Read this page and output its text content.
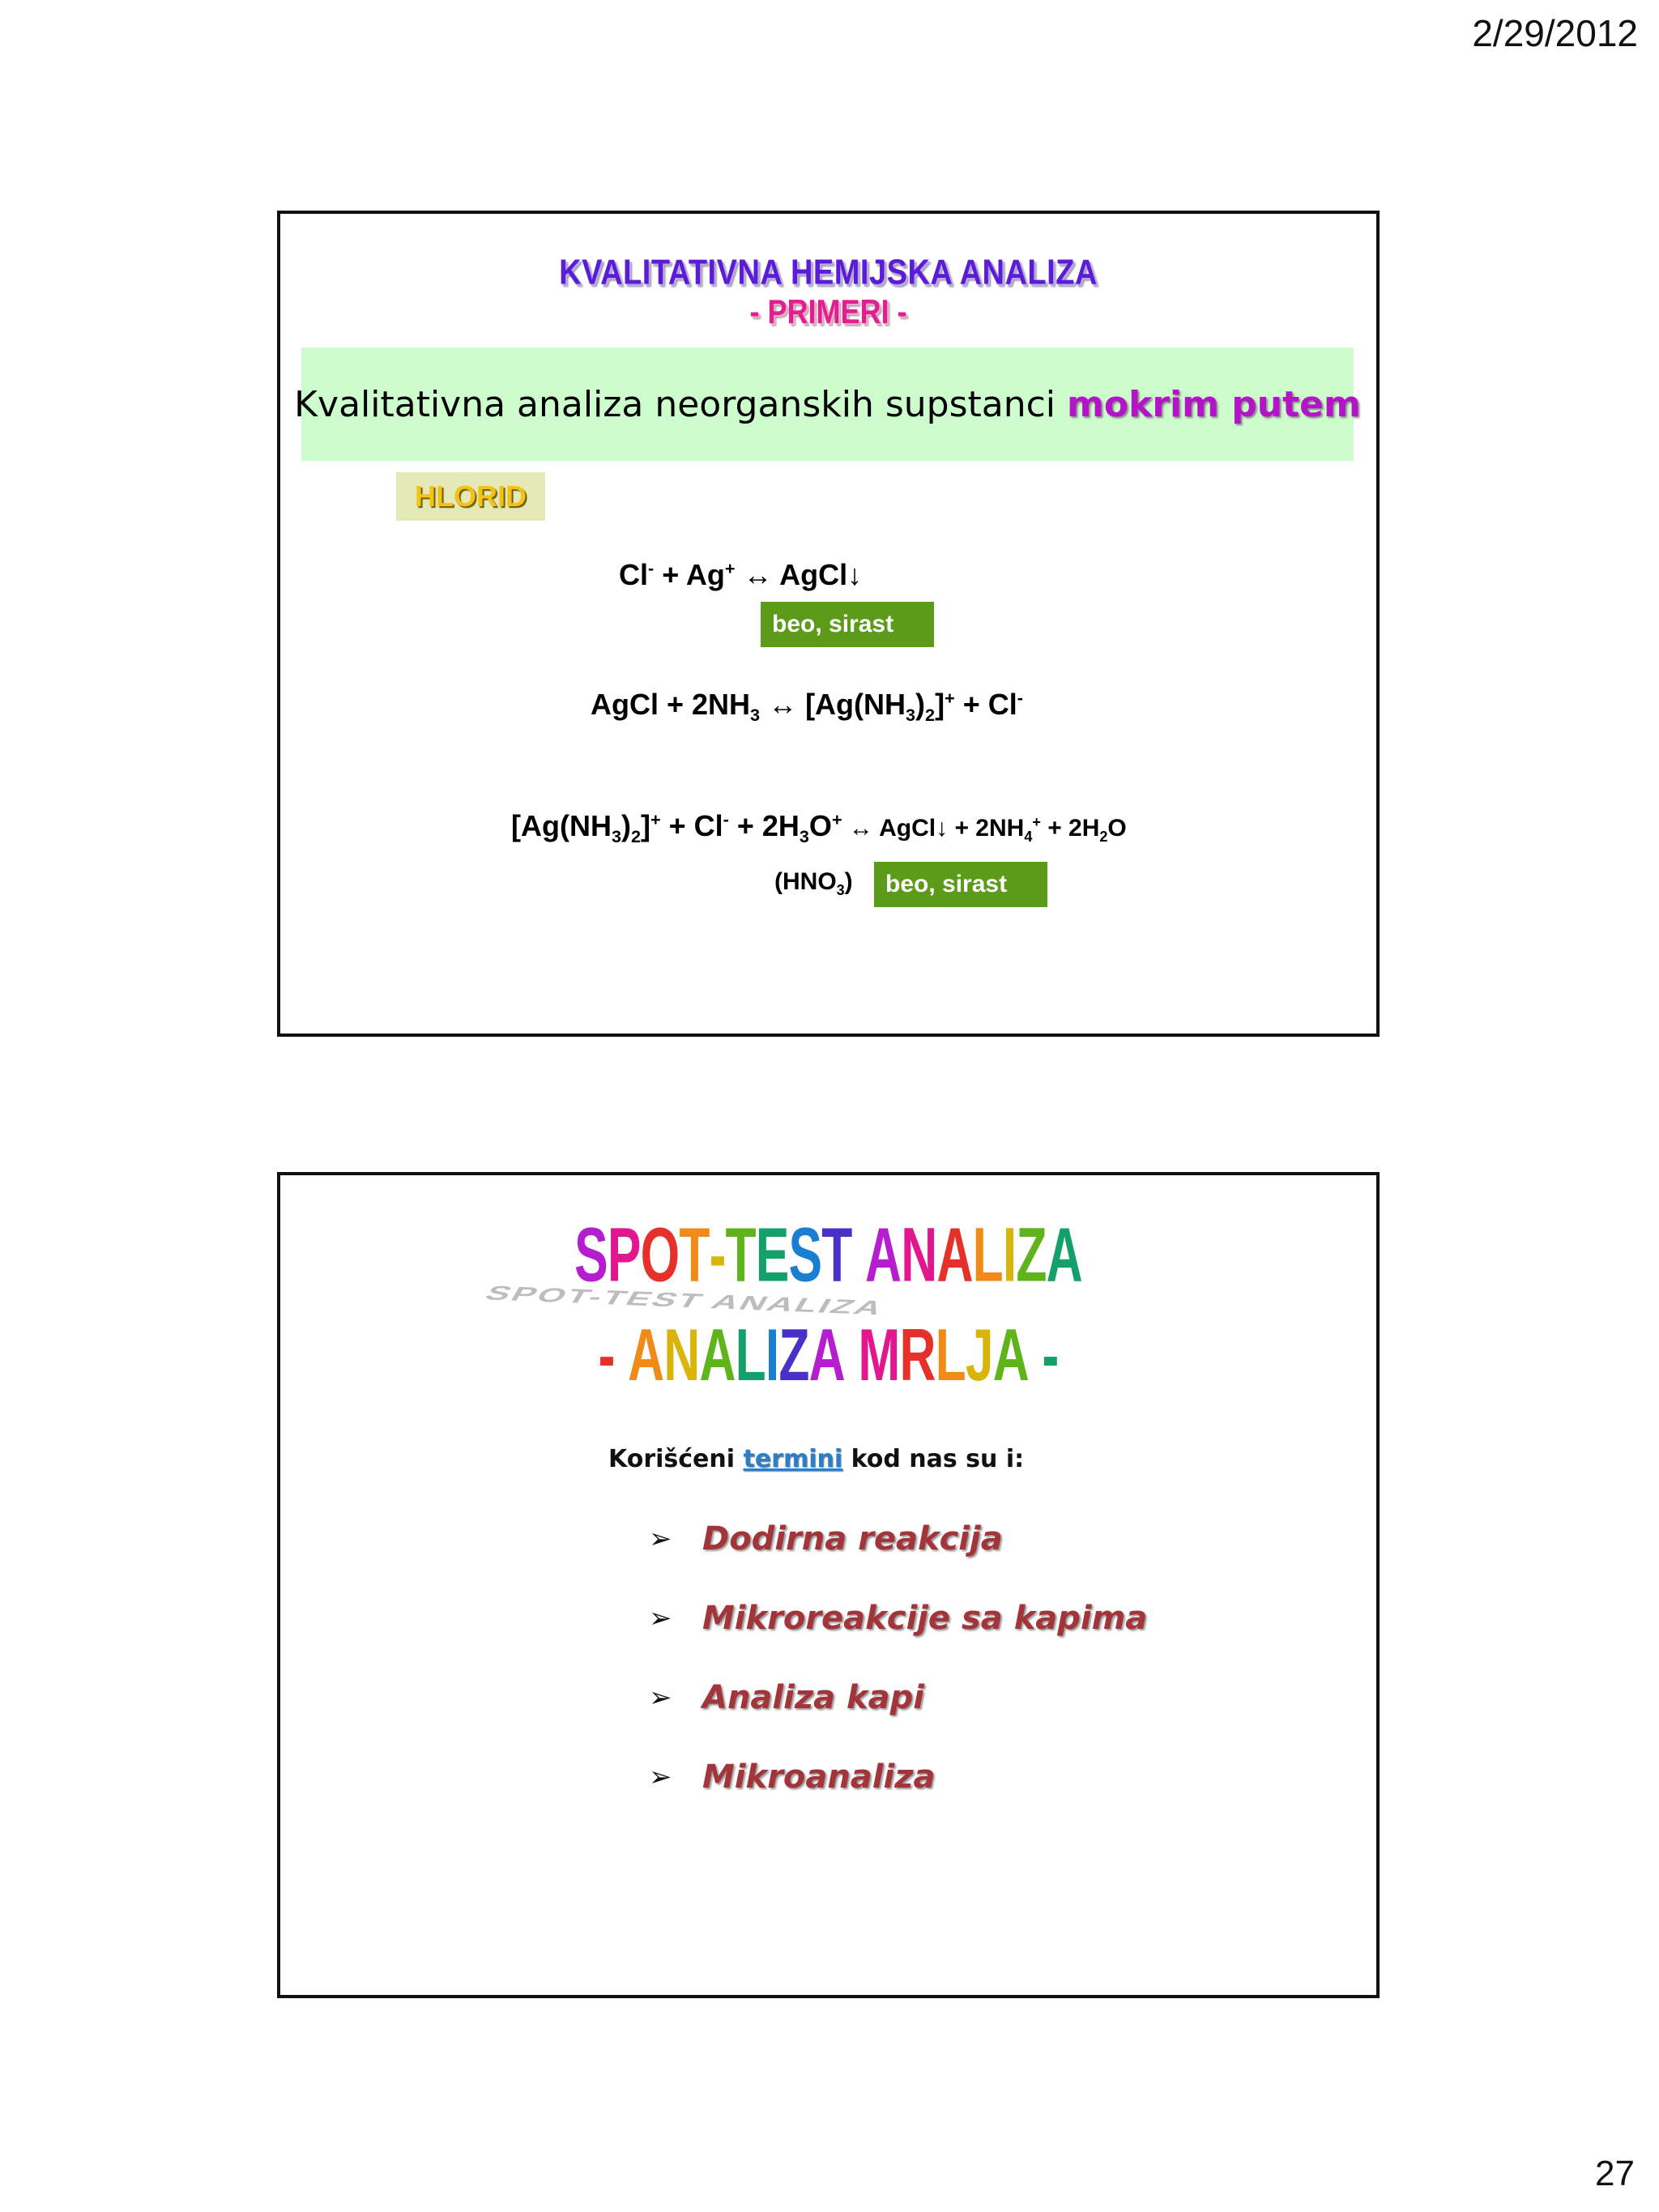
2/29/2012
KVALITATIVNA HEMIJSKA ANALIZA
- PRIMERI -
Kvalitativna analiza neorganskih supstanci mokrim putem
HLORID
Cl- + Ag+ ↔ AgCl↓
beo, sirast
AgCl + $2NH_3$ ↔ $[Ag(NH_3)_2]^+ + Cl^-$
$[Ag(NH_3)_2]^+ + Cl^- + 2H_3O^+$ ↔ AgCl↓ + $2NH_4^+ + 2H_2O$
$(HNO_3)$	beo, sirast
SPOT-TEST ANALIZA
SPOT-TEST ANALIZA
- ANALIZA MRLJA -
Korišćeni termini kod nas su i:
➢ Dodirna reakcija
➢ Mikroreakcije sa kapima
➢ Analiza kapi
➢ Mikroanaliza
27
